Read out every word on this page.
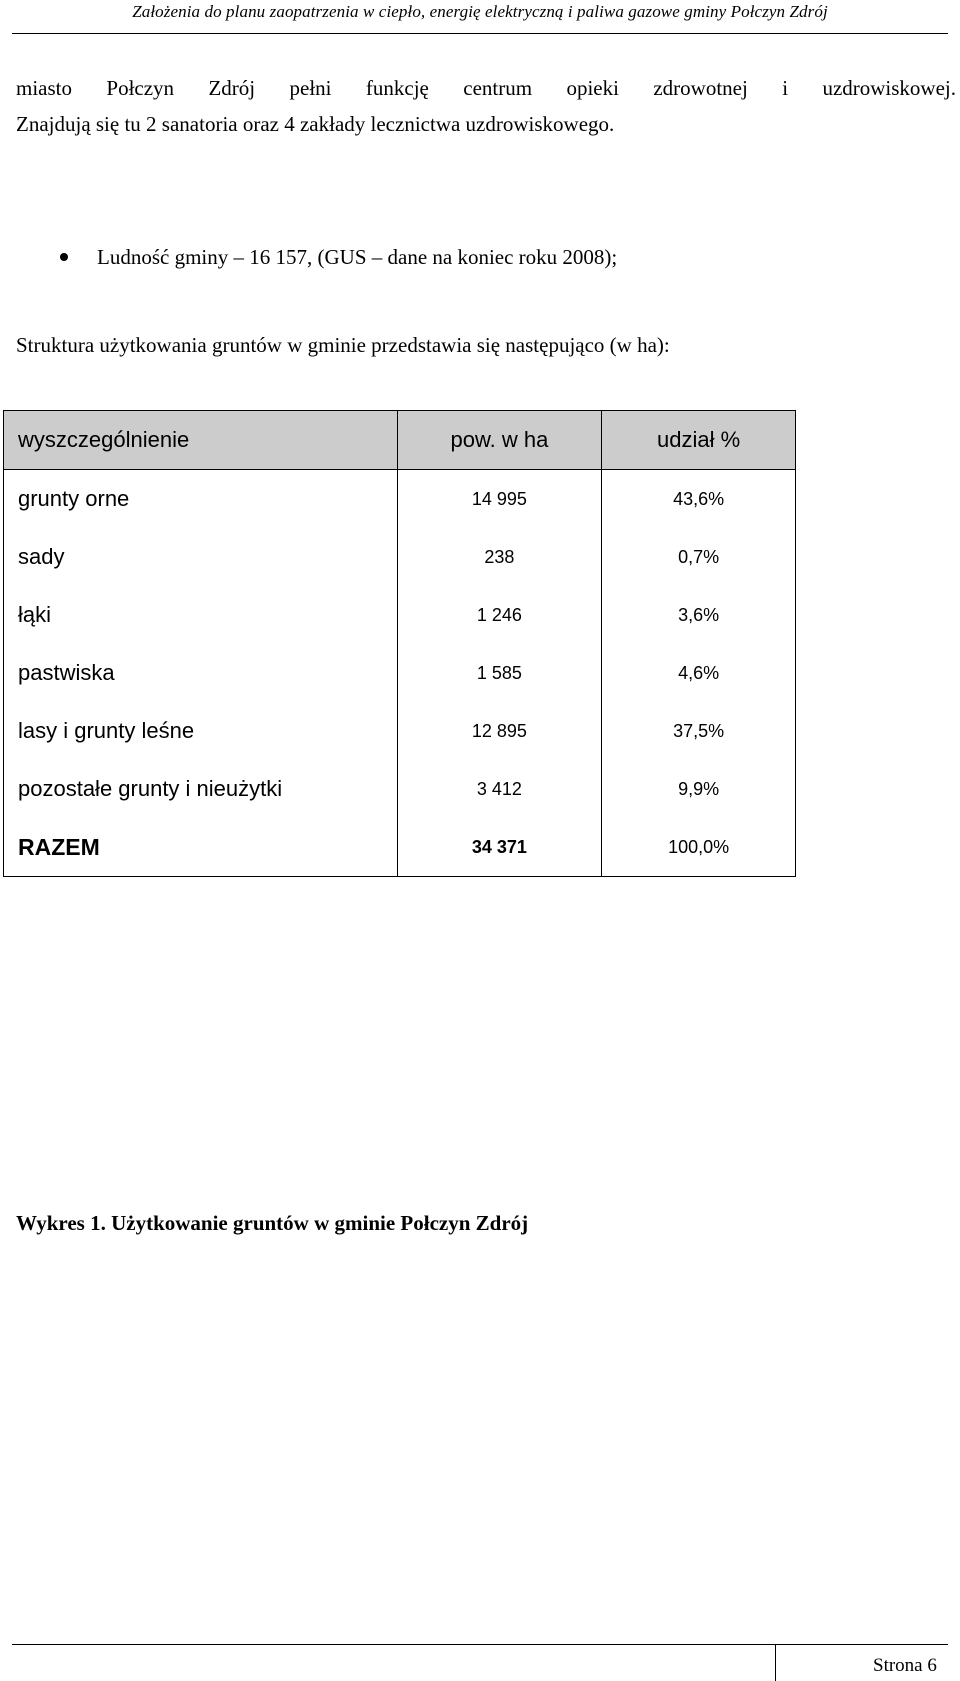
Założenia do planu zaopatrzenia w ciepło, energię elektryczną i paliwa gazowe gminy Połczyn Zdrój

miasto Połczyn Zdrój pełni funkcję centrum opieki zdrowotnej i uzdrowiskowej.
Znajdują się tu 2 sanatoria oraz 4 zakłady lecznictwa uzdrowiskowego.

Ludność gminy – 16 157, (GUS – dane na koniec roku 2008);

Struktura użytkowania gruntów w gminie przedstawia się następująco (w ha):

wyszczególnienie	pow. w ha	udział %
grunty orne	14 995	43,6%
sady	238	0,7%
łąki	1 246	3,6%
pastwiska	1 585	4,6%
lasy i grunty leśne	12 895	37,5%
pozostałe grunty i nieużytki	3 412	9,9%
RAZEM	34 371	100,0%
Wykres 1. Użytkowanie gruntów w gminie Połczyn Zdrój
Strona 6
